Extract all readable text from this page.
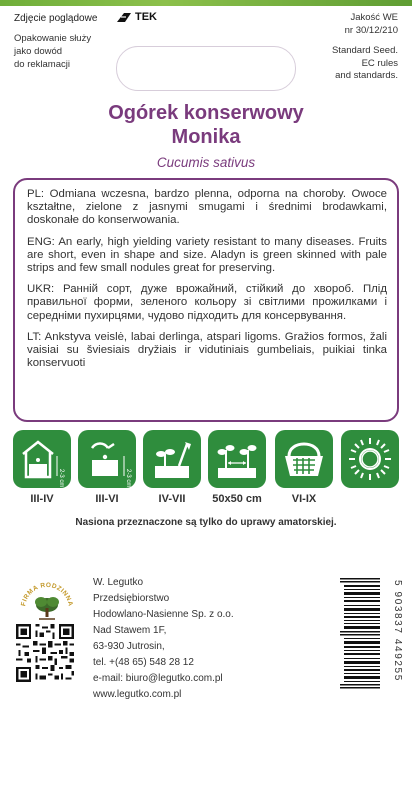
Zdjęcie poglądowe	TEK
Opakowanie służy
jako dowód
do reklamacji
Jakość WE
nr 30/12/210
Standard Seed.
EC rules
and standards.
Ogórek konserwowy
Monika
Cucumis sativus

PL: Odmiana wczesna, bardzo plenna, odporna na choroby. Owoce kształtne, zielone z jasnymi smugami i średnimi brodawkami, doskonałe do konserwowania.

ENG: An early, high yielding variety resistant to many diseases. Fruits are short, even in shape and size. Aladyn is green skinned with pale strips and few small nodules great for preserving.

UKR: Ранній сорт, дуже врожайний, стійкий до хвороб. Плід правильної форми, зеленого кольору зі світлими прожилками і середніми пухирцями, чудово підходить для консервування.

LT: Ankstyva veislė, labai derlinga, atspari ligoms. Gražios formos, žali vaisiai su šviesiais dryžiais ir vidutiniais gumbeliais, puikiai tinka konservuoti

2-3 cm	2-3 cm
III-IV	III-VI	IV-VII	50x50 cm	VI-IX
Nasiona przeznaczone są tylko do uprawy amatorskiej.
FIRMA RODZINNA
W. Legutko
Przedsiębiorstwo
Hodowlano-Nasienne Sp. z o.o.
Nad Stawem 1F,
63-930 Jutrosin,
tel. +(48 65) 548 28 12
e-mail: biuro@legutko.com.pl
www.legutko.com.pl
5 903837 449255
